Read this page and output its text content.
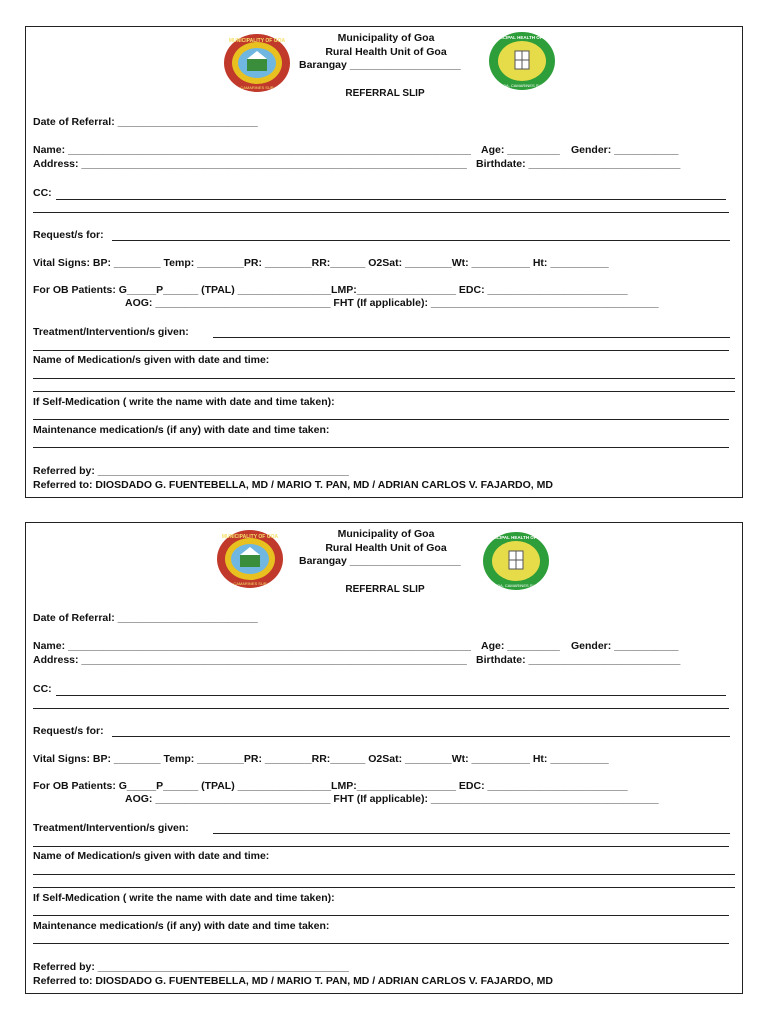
MUNICIPALITY OF GOA
CAMARINES SUR
MUNICIPAL HEALTH OFFICE
GOA, CAMARINES SUR
Municipality of Goa
Rural Health Unit of Goa
Barangay ___________________
REFERRAL SLIP
Date of Referral: ________________________
Name: _____________________________________________________________________ Age: _________ Gender: ___________
Address: __________________________________________________________________ Birthdate: __________________________
CC:
Request/s for:
Vital Signs: BP: ________ Temp: ________PR: ________RR:______ O2Sat: ________Wt: __________ Ht: __________
For OB Patients: G_____P______ (TPAL) ________________LMP:_________________ EDC: ________________________
AOG: ______________________________ FHT (If applicable): _______________________________________
Treatment/Intervention/s given:
Name of Medication/s given with date and time:
If Self-Medication ( write the name with date and time taken):
Maintenance medication/s (if any) with date and time taken:
Referred by: ___________________________________________
Referred to: DIOSDADO G. FUENTEBELLA, MD / MARIO T. PAN, MD / ADRIAN CARLOS V. FAJARDO, MD
MUNICIPALITY OF GOA
CAMARINES SUR
MUNICIPAL HEALTH OFFICE
GOA, CAMARINES SUR
Municipality of Goa
Rural Health Unit of Goa
Barangay ___________________
REFERRAL SLIP
Date of Referral: ________________________
Name: _____________________________________________________________________ Age: _________ Gender: ___________
Address: __________________________________________________________________ Birthdate: __________________________
CC:
Request/s for:
Vital Signs: BP: ________ Temp: ________PR: ________RR:______ O2Sat: ________Wt: __________ Ht: __________
For OB Patients: G_____P______ (TPAL) ________________LMP:_________________ EDC: ________________________
AOG: ______________________________ FHT (If applicable): _______________________________________
Treatment/Intervention/s given:
Name of Medication/s given with date and time:
If Self-Medication ( write the name with date and time taken):
Maintenance medication/s (if any) with date and time taken:
Referred by: ___________________________________________
Referred to: DIOSDADO G. FUENTEBELLA, MD / MARIO T. PAN, MD / ADRIAN CARLOS V. FAJARDO, MD
